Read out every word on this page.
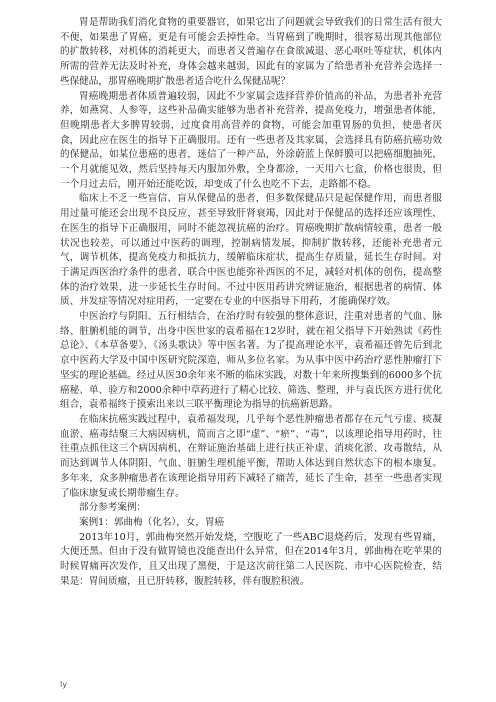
胃是帮助我们消化食物的重要器官，如果它出了问题就会导致我们的日常生活有很大不便，如果患了胃癌，更是有可能会丢掉性命。当胃癌到了晚期时，很容易出现其他部位的扩散转移，对机体的消耗更大，而患者又普遍存在食欲减退、恶心呕吐等症状，机体内所需的营养无法及时补充，身体会越来越弱，因此有的家属为了给患者补充营养会选择一些保健品，那胃癌晚期扩散患者适合吃什么保健品呢？

胃癌晚期患者体质普遍较弱，因此不少家属会选择营养价值高的补品，为患者补充营养，如燕窝、人参等，这些补品确实能够为患者补充营养，提高免疫力，增强患者体能，但晚期患者大多脾胃较弱，过度食用高营养的食物，可能会加重胃肠的负担，使患者厌食，因此应在医生的指导下正确服用。还有一些患者及其家属，会选择具有防癌抗癌功效的保健品，如某位患癌的患者，迷信了一种产品，外涂蔚蓝上保鲜膜可以把癌细胞抽死，一个月就能见效，然后坚持每天内服加外敷，全身都涂，一天用六七盒，价格也很贵，但一个月过去后，刚开始还能吃饭，却变成了什么也吃不下去，走路都不稳。

临床上不乏一些盲信、盲从保健品的患者，但多数保健品只是起保健作用，而患者服用过量可能还会出现不良反应，甚至导致肝肾衰竭，因此对于保健品的选择还应该理性，在医生的指导下正确服用，同时不能忽视抗癌的治疗。胃癌晚期扩散病情较重，患者一般状况也较差，可以通过中医药的调理，控制病情发展，抑制扩散转移，还能补充患者元气，调节机体，提高免疫力和抵抗力，缓解临床症状，提高生存质量，延长生存时间。对于满足西医治疗条件的患者，联合中医也能弥补西医的不足，减轻对机体的创伤，提高整体的治疗效果，进一步延长生存时间。不过中医用药讲究辨证施治，根据患者的病情、体质、并发症等情况对症用药，一定要在专业的中医指导下用药，才能确保疗效。

中医治疗与阴阳、五行相结合，在治疗时有较强的整体意识，注重对患者的气血、脉络、脏腑机能的调节，出身中医世家的袁希福在12岁时，就在祖父指导下开始熟读《药性总论》、《本草备要》、《汤头歌诀》等中医名著。为了提高理论水平，袁希福还曾先后到北京中医药大学及中国中医研究院深造，师从多位名家。为从事中医中药治疗恶性肿瘤打下坚实的理论基础。经过从医30余年来不断的临床实践，对数十年来所搜集到的6000多个抗癌秘、单、验方和2000余种中草药进行了精心比较、筛选、整理，并与袁氏医方进行优化组合，袁希福终于摸索出来以三联平衡理论为指导的抗癌新思路。

在临床抗癌实践过程中，袁希福发现，几乎每个恶性肿瘤患者都存在元气亏虚、痰凝血淤、癌毒结聚三大病因病机，简而言之即“虚”、“瘀”、“毒”，以该理论指导用药时，往往重点抓住这三个病因病机，在辩证施治基础上进行扶正补虚、消痰化淤、攻毒散结，从而达到调节人体阴阳、气血、脏腑生理机能平衡，帮助人体达到自然状态下的根本康复。多年来，众多肿瘤患者在该理论指导用药下减轻了痛苦，延长了生命，甚至一些患者实现了临床康复或长期带瘤生存。

部分参考案例：

案例1：郭曲梅（化名），女，胃癌

2013年10月，郭曲梅突然开始发烧，空腹吃了一些ABC退烧药后，发现有些胃痛，大便还黑。但由于没有做胃镜也没能查出什么异常，但在2014年3月，郭曲梅在吃苹果的时候胃痛再次发作，且又出现了黑便，于是这次前往第二人民医院、市中心医院检查，结果是：胃间质瘤，且已肝转移，腹腔转移，伴有腹腔积液。

ly
